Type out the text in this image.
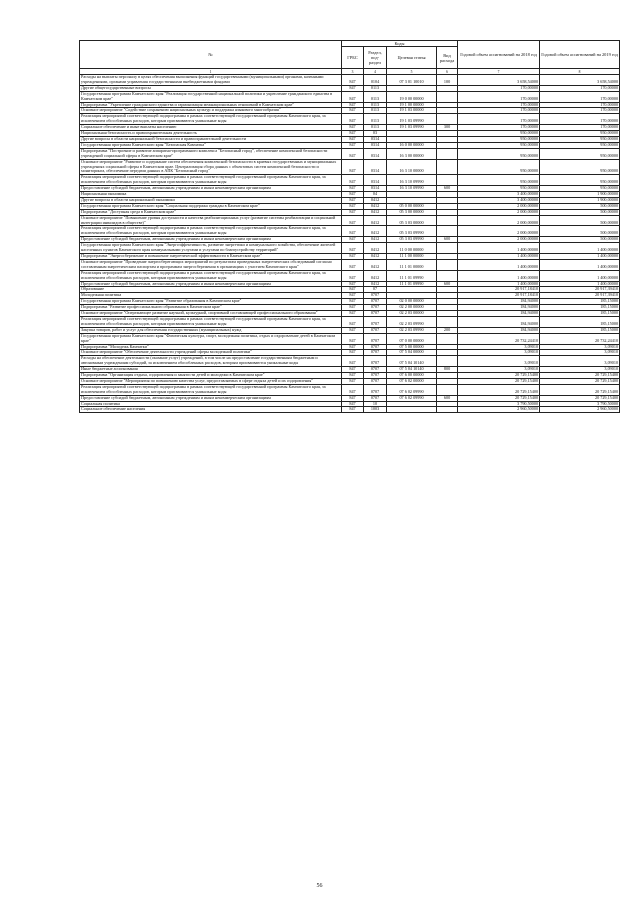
№	Коды				Годовой объем ассигнований на 2018 год	Годовой объем ассигнований на 2019 год
	ГРБС	Раздел, под-раздел	Целевая статья	Вид расхода		
1	3	4	5	6	7	8
Расходы на выплаты персоналу в целях обеспечения выполнения функций государственными (муниципальными) органами, казенными учреждениями, органами управления государственными внебюджетными фондами	847	0104	07 3 01 10010	100	3 658,54000	3 658,54000
Другие общегосударственные вопросы	847	0113			170,00000	170,00000
Государственная программа Камчатского края "Реализация государственной национальной политики и укрепление гражданского единства в Камчатском крае"	847	0113	19 0 00 00000		170,00000	170,00000
Подпрограмма "Укрепление гражданского единства и гармонизация межнациональных отношений в Камчатском крае"	847	0113	19 1 00 00000		170,00000	170,00000
Основное мероприятие "Содействие сохранению национальных культур и поддержка языкового многообразия"	847	0113	19 1 03 00000		170,00000	170,00000
Реализация мероприятий соответствующей подпрограммы в рамках соответствующей государственной программы Камчатского края, за исключением обособленных расходов, которым присваиваются уникальные коды	847	0113	19 1 03 09990		170,00000	170,00000
Социальное обеспечение и иные выплаты населению	847	0113	19 1 03 09990	300	170,00000	170,00000
Национальная безопасность и правоохранительная деятельность	847	03			950,00000	950,00000
Другие вопросы в области национальной безопасности и правоохранительной деятельности	847	0314			950,00000	950,00000
Государственная программа Камчатского края "Безопасная Камчатка"	847	0314	16 0 00 00000		950,00000	950,00000
Подпрограмма "Построение и развитие аппаратно-программного комплекса "Безопасный город", обеспечение комплексной безопасности учреждений социальной сферы в Камчатском крае"	847	0314	16 3 00 00000		950,00000	950,00000
Основное мероприятие "Развитие и содержание систем обеспечения комплексной безопасности в краевых государственных и муниципальных учреждениях социальной сферы в Камчатском крае. Централизация сбора данных с объектовых систем комплексной безопасности и мониторинга, обеспечение передачи данных в АПК "Безопасный город"	847	0314	16 3 10 00000		950,00000	950,00000
Реализация мероприятий соответствующей подпрограммы в рамках соответствующей государственной программы Камчатского края, за исключением обособленных расходов, которым присваиваются уникальные коды	847	0314	16 3 10 09990		950,00000	950,00000
Предоставление субсидий бюджетным, автономным учреждениям и иным некоммерческим организациям	847	0314	16 3 10 09990	600	950,00000	950,00000
Национальная экономика	847	04			3 400,00000	1 900,00000
Другие вопросы в области национальной экономики	847	0412			3 400,00000	1 900,00000
Государственная программа Камчатского края "Социальная поддержка граждан в Камчатском крае"	847	0412	05 0 00 00000		2 000,00000	500,00000
Подпрограмма "Доступная среда в Камчатском крае"	847	0412	05 3 00 00000		2 000,00000	500,00000
Основное мероприятие "Повышение уровня доступности и качества реабилитационных услуг (развитие системы реабилитации и социальной интеграции инвалидов в обществе)"	847	0412	05 3 03 00000		2 000,00000	500,00000
Реализация мероприятий соответствующей подпрограммы в рамках соответствующей государственной программы Камчатского края, за исключением обособленных расходов, которым присваиваются уникальные коды	847	0412	05 3 03 09990		2 000,00000	500,00000
Предоставление субсидий бюджетным, автономным учреждениям и иным некоммерческим организациям	847	0412	05 3 03 09990	600	2 000,00000	500,00000
Государственная программа Камчатского края "Энергоэффективность, развитие энергетики и коммунального хозяйства, обеспечение жителей населенных пунктов Камчатского края коммунальными услугами и услугами по благоустройству территорий"	847	0412	11 0 00 00000		1 400,00000	1 400,00000
Подпрограмма "Энергосбережение и повышение энергетической эффективности в Камчатском крае"	847	0412	11 1 00 00000		1 400,00000	1 400,00000
Основное мероприятие "Проведение энергосберегающих мероприятий по результатам проведенных энергетических обследований согласно составленным энергетическим паспортам и программам энергосбережения в организациях с участием Камчатского края"	847	0412	11 1 01 00000		1 400,00000	1 400,00000
Реализация мероприятий соответствующей подпрограммы в рамках соответствующей государственной программы Камчатского края, за исключением обособленных расходов, которым присваиваются уникальные коды	847	0412	11 1 01 09990		1 400,00000	1 400,00000
Предоставление субсидий бюджетным, автономным учреждениям и иным некоммерческим организациям	847	0412	11 1 01 09990	600	1 400,00000	1 400,00000
Образование	847	07			20 917,18410	20 917,39410
Молодежная политика	847	0707			20 917,18410	20 917,39410
Государственная программа Камчатского края "Развитие образования в Камчатском крае"	847	0707	02 0 00 00000		184,94000	185,15000
Подпрограмма "Развитие профессионального образования в Камчатском крае"	847	0707	02 2 00 00000		184,94000	185,15000
Основное мероприятие "Опережающее развитие научной, культурной, спортивной составляющей профессионального образования"	847	0707	02 2 03 00000		184,94000	185,15000
Реализация мероприятий соответствующей подпрограммы в рамках соответствующей государственной программы Камчатского края, за исключением обособленных расходов, которым присваиваются уникальные коды	847	0707	02 2 03 09990		184,94000	185,15000
Закупка товаров, работ и услуг для обеспечения государственных (муниципальных) нужд	847	0707	02 2 03 09990	200	184,94000	185,15000
Государственная программа Камчатского края "Физическая культура, спорт, молодежная политика, отдых и оздоровление детей в Камчатском крае"	847	0707	07 0 00 00000		20 732,24410	20 732,24410
Подпрограмма "Молодежь Камчатки"	847	0707	07 5 00 00000		3,09010	3,09010
Основное мероприятие "Обеспечение деятельности учреждений сферы молодежной политики"	847	0707	07 5 04 00000		3,09010	3,09010
Расходы на обеспечение деятельности (оказание услуг) учреждений, в том числе на предоставление государственным бюджетным и автономным учреждениям субсидий, за исключением обособленных расходов, которым присваиваются уникальные коды	847	0707	07 5 04 10140		3,09010	3,09010
Иные бюджетные ассигнования	847	0707	07 5 04 10140	800	3,09010	3,09010
Подпрограмма "Организация отдыха, оздоровления и занятости детей и молодежи в Камчатском крае"	847	0707	07 6 00 00000		20 729,15400	20 729,15400
Основное мероприятие "Мероприятия по повышению качества услуг, предоставляемых в сфере отдыха детей и их оздоровления"	847	0707	07 6 02 00000		20 729,15400	20 729,15400
Реализация мероприятий соответствующей подпрограммы в рамках соответствующей государственной программы Камчатского края, за исключением обособленных расходов, которым присваиваются уникальные коды	847	0707	07 6 02 09990		20 729,15400	20 729,15400
Предоставление субсидий бюджетным, автономным учреждениям и иным некоммерческим организациям	847	0707	07 6 02 09990	600	20 729,15400	20 729,15400
Социальная политика	847	10			3 790,50000	3 790,50000
Социальное обеспечение населения	847	1003			2 960,50000	2 960,50000
56
